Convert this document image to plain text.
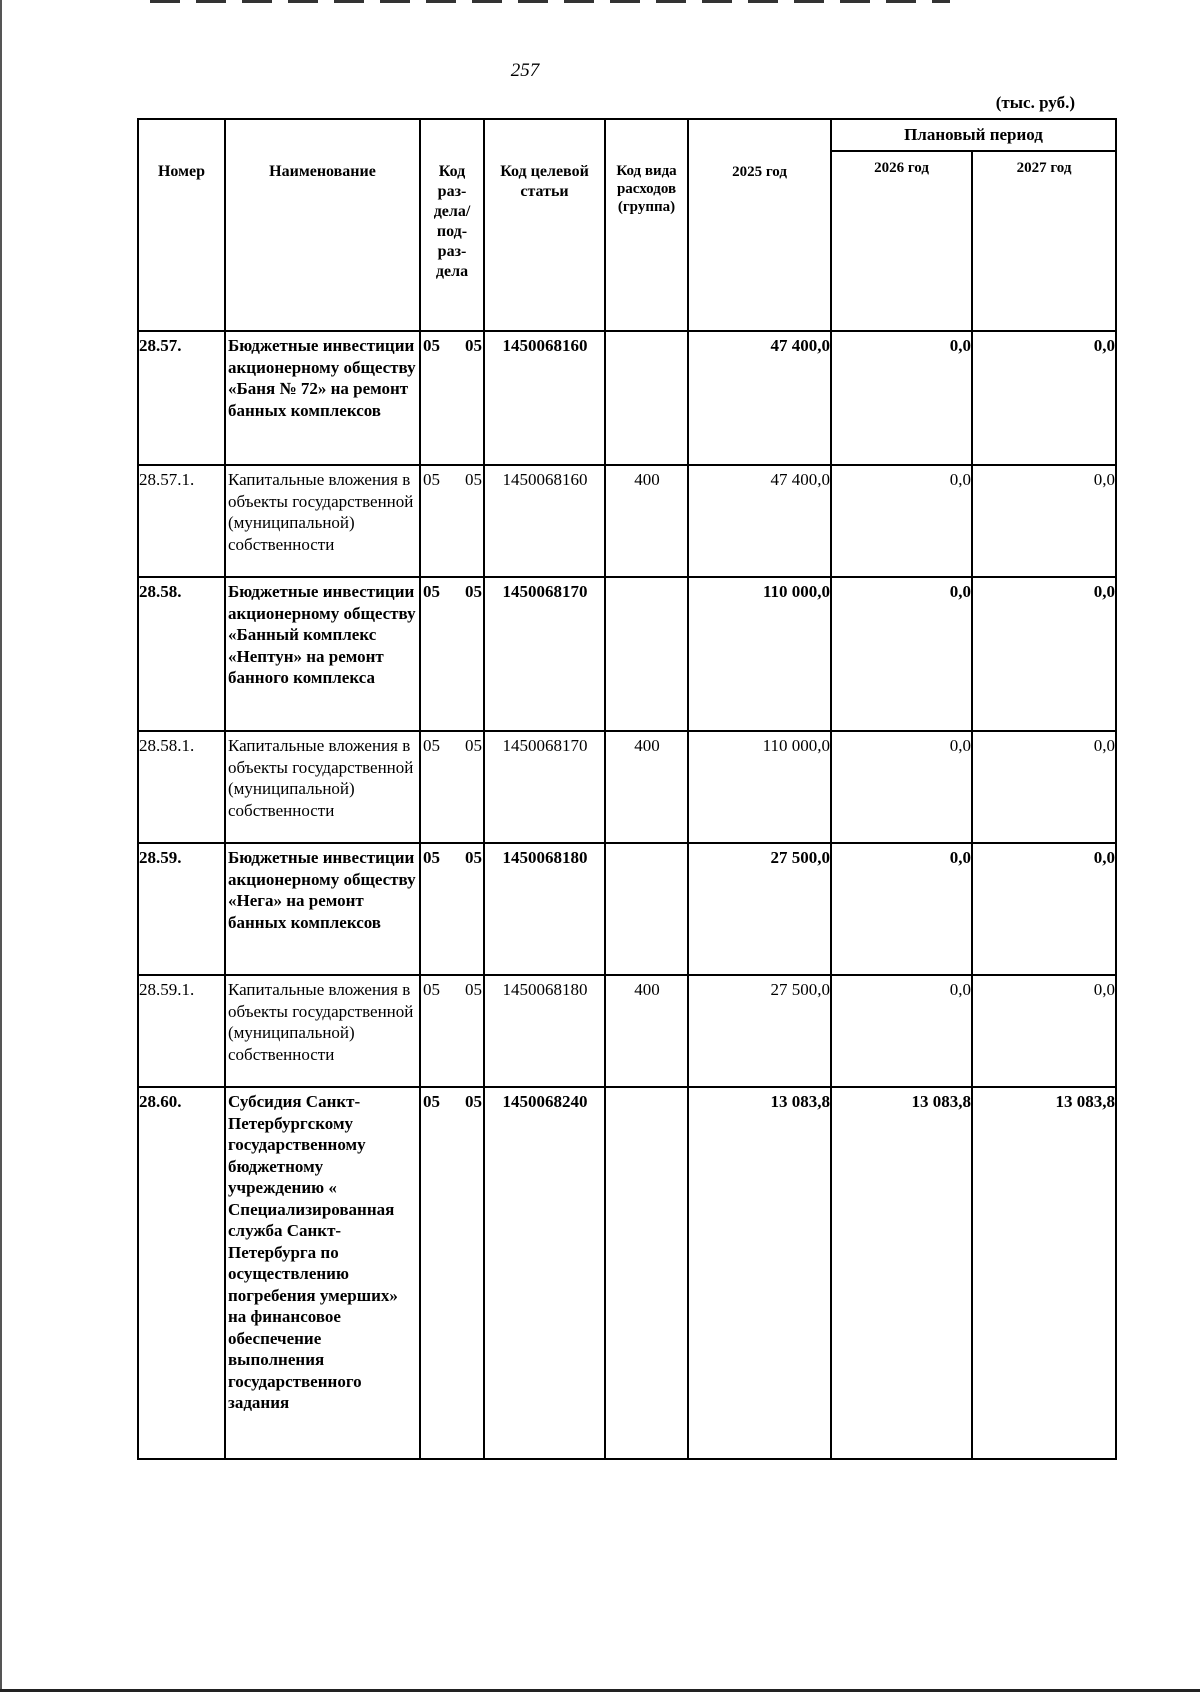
257
(тыс. руб.)
Номер	Наименование	Код раз- дела/ под- раз- дела	Код целевой статьи	Код вида расходов (группа)	2025 год	Плановый период	
						2026 год	2027 год
28.57.	Бюджетные инвестиции акционерному обществу «Баня № 72» на ремонт банных комплексов	05 05	1450068160		47 400,0	0,0	0,0
28.57.1.	Капитальные вложения в объекты государственной (муниципальной) собственности	05 05	1450068160	400	47 400,0	0,0	0,0
28.58.	Бюджетные инвестиции акционерному обществу «Банный комплекс «Нептун» на ремонт банного комплекса	05 05	1450068170		110 000,0	0,0	0,0
28.58.1.	Капитальные вложения в объекты государственной (муниципальной) собственности	05 05	1450068170	400	110 000,0	0,0	0,0
28.59.	Бюджетные инвестиции акционерному обществу «Нега» на ремонт банных комплексов	05 05	1450068180		27 500,0	0,0	0,0
28.59.1.	Капитальные вложения в объекты государственной (муниципальной) собственности	05 05	1450068180	400	27 500,0	0,0	0,0
28.60.	Субсидия Санкт-Петербургскому государственному бюджетному учреждению « Специализированная служба Санкт-Петербурга по осуществлению погребения умерших» на финансовое обеспечение выполнения государственного задания	05 05	1450068240		13 083,8	13 083,8	13 083,8
